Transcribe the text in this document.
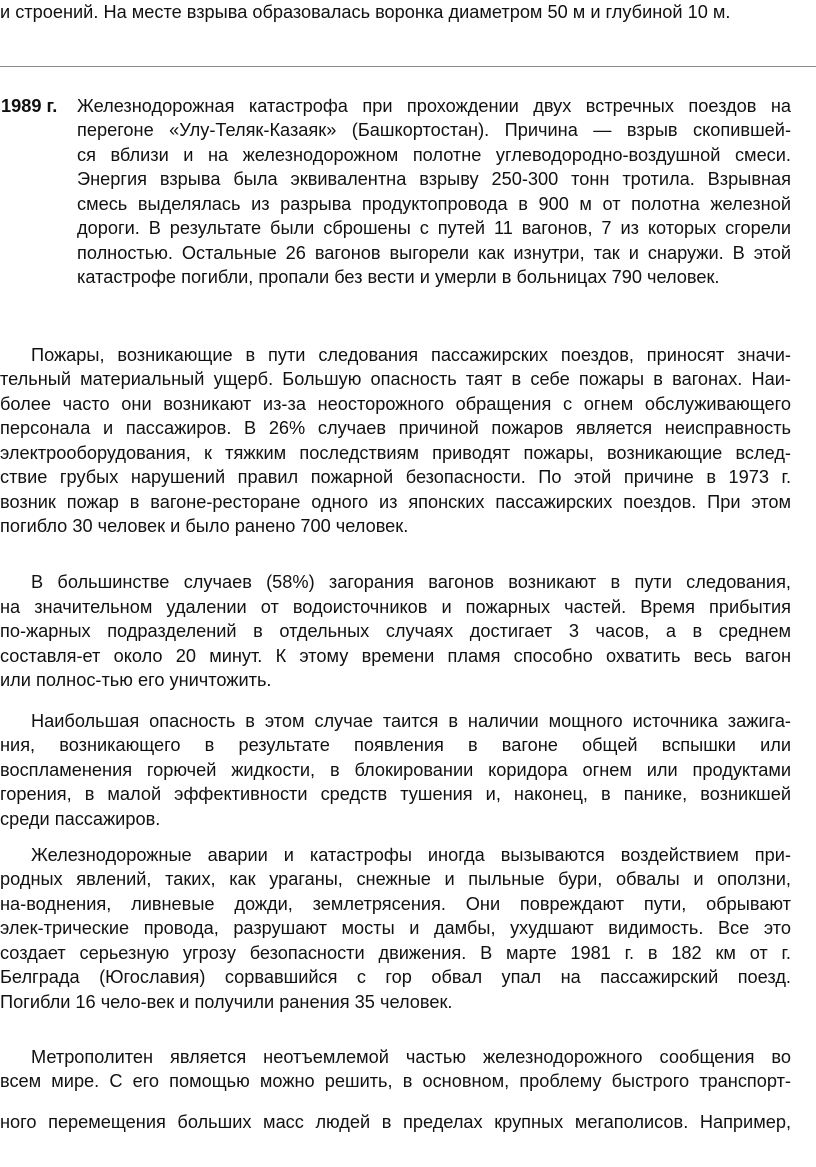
и строений. На месте взрыва образовалась воронка диаметром 50 м и глубиной 10 м.
1989 г. Железнодорожная катастрофа при прохождении двух встречных поездов на
перегоне «Улу-Теляк-Казаяк» (Башкортостан). Причина — взрыв скопившей-
ся вблизи и на железнодорожном полотне углеводородно-воздушной смеси.
Энергия взрыва была эквивалентна взрыву 250-300 тонн тротила. Взрывная
смесь выделялась из разрыва продуктопровода в 900 м от полотна железной
дороги. В результате были сброшены с путей 11 вагонов, 7 из которых сгорели
полностью. Остальные 26 вагонов выгорели как изнутри, так и снаружи. В этой
катастрофе погибли, пропали без вести и умерли в больницах 790 человек.
Пожары, возникающие в пути следования пассажирских поездов, приносят значи-
тельный материальный ущерб. Большую опасность таят в себе пожары в вагонах. Наи-
более часто они возникают из-за неосторожного обращения с огнем обслуживающего
персонала и пассажиров. В 26% случаев причиной пожаров является неисправность
электрооборудования, к тяжким последствиям приводят пожары, возникающие вслед-
ствие грубых нарушений правил пожарной безопасности. По этой причине в 1973 г.
возник пожар в вагоне-ресторане одного из японских пассажирских поездов. При этом
погибло 30 человек и было ранено 700 человек.
В большинстве случаев (58%) загорания вагонов возникают в пути следования,
на значительном удалении от водоисточников и пожарных частей. Время прибытия
по-жарных подразделений в отдельных случаях достигает 3 часов, а в среднем
составля-ет около 20 минут. К этому времени пламя способно охватить весь вагон
или полнос-тью его уничтожить.
Наибольшая опасность в этом случае таится в наличии мощного источника зажига-
ния, возникающего в результате появления в вагоне общей вспышки или
воспламенения горючей жидкости, в блокировании коридора огнем или продуктами
горения, в малой эффективности средств тушения и, наконец, в панике, возникшей
среди пассажиров.
Железнодорожные аварии и катастрофы иногда вызываются воздействием при-
родных явлений, таких, как ураганы, снежные и пыльные бури, обвалы и оползни,
на-воднения, ливневые дожди, землетрясения. Они повреждают пути, обрывают
элек-трические провода, разрушают мосты и дамбы, ухудшают видимость. Все это
создает серьезную угрозу безопасности движения. В марте 1981 г. в 182 км от г.
Белграда (Югославия) сорвавшийся с гор обвал упал на пассажирский поезд.
Погибли 16 чело-век и получили ранения 35 человек.
Метрополитен является неотъемлемой частью железнодорожного сообщения во
всем мире. С его помощью можно решить, в основном, проблему быстрого транспорт-
ного перемещения больших масс людей в пределах крупных мегаполисов. Например,
